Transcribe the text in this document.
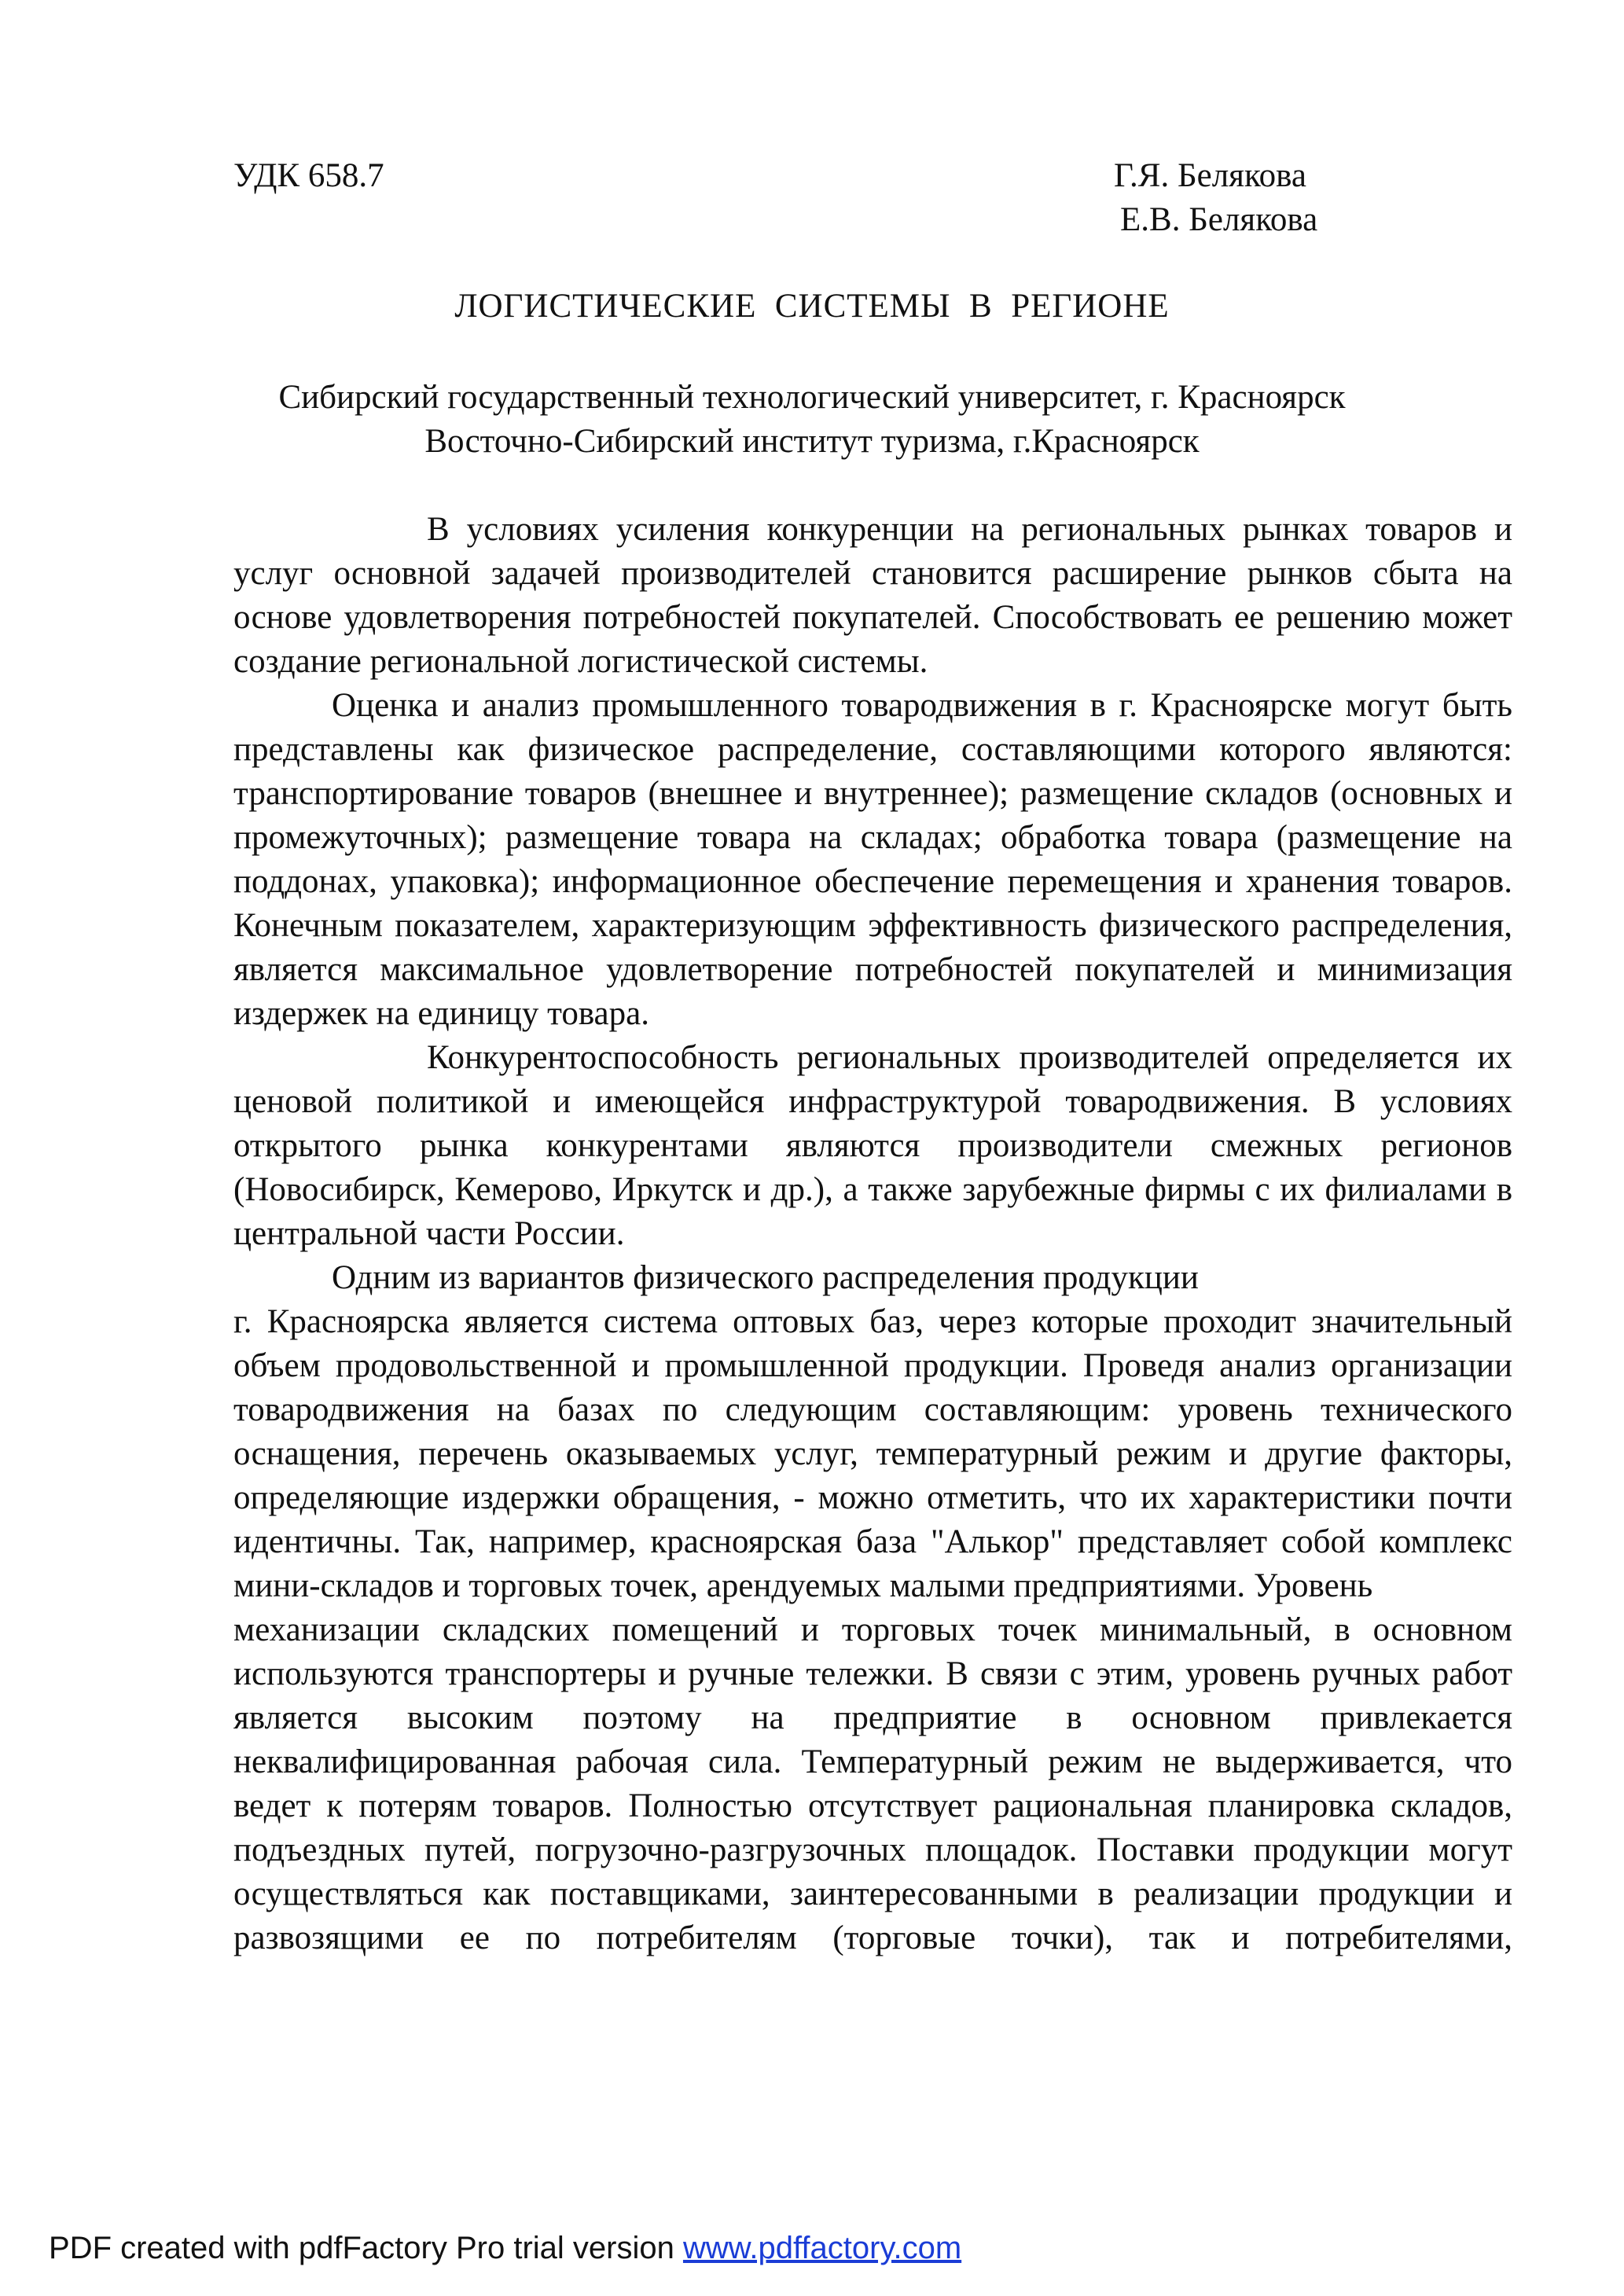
УДК 658.7	Г.Я. Белякова
Е.В. Белякова
ЛОГИСТИЧЕСКИЕ  СИСТЕМЫ  В  РЕГИОНЕ
Сибирский государственный технологический университет, г. Красноярск
Восточно-Сибирский институт туризма, г.Красноярск

В условиях усиления конкуренции на региональных рынках товаров и услуг основной задачей производителей становится расширение рынков сбыта на основе удовлетворения потребностей покупателей. Способствовать ее решению может создание региональной логистической системы.

Оценка и анализ промышленного товародвижения в г. Красноярске могут быть представлены как физическое распределение, составляющими которого являются: транспортирование товаров (внешнее и внутреннее); размещение складов (основных и промежуточных); размещение товара на складах; обработка товара (размещение на поддонах, упаковка); информационное обеспечение перемещения и хранения товаров. Конечным показателем, характеризующим эффективность физического распределения, является максимальное удовлетворение потребностей покупателей и минимизация издержек на единицу товара.

Конкурентоспособность региональных производителей определяется их ценовой политикой и имеющейся инфраструктурой товародвижения. В условиях открытого рынка конкурентами являются производители смежных регионов (Новосибирск, Кемерово, Иркутск и др.), а также зарубежные фирмы с их филиалами в центральной части России.

Одним из вариантов физического распределения продукции

г. Красноярска является система оптовых баз, через которые проходит значительный объем продовольственной и промышленной продукции. Проведя анализ организации товародвижения на базах по следующим составляющим: уровень технического оснащения, перечень оказываемых услуг, температурный режим и другие факторы, определяющие издержки обращения, - можно отметить, что их характеристики почти идентичны. Так, например, красноярская база "Алькор" представляет собой комплекс мини-складов и торговых точек, арендуемых малыми предприятиями. Уровень

механизации складских помещений и торговых точек минимальный, в основном используются транспортеры и ручные тележки. В связи с этим, уровень ручных работ является высоким поэтому на предприятие в основном привлекается неквалифицированная рабочая сила. Температурный режим не выдерживается, что ведет к потерям товаров. Полностью отсутствует рациональная планировка складов, подъездных путей, погрузочно-разгрузочных площадок. Поставки продукции могут осуществляться как поставщиками, заинтересованными в реализации продукции и развозящими ее по потребителям (торговые точки), так и потребителями,

PDF created with pdfFactory Pro trial version www.pdffactory.com
